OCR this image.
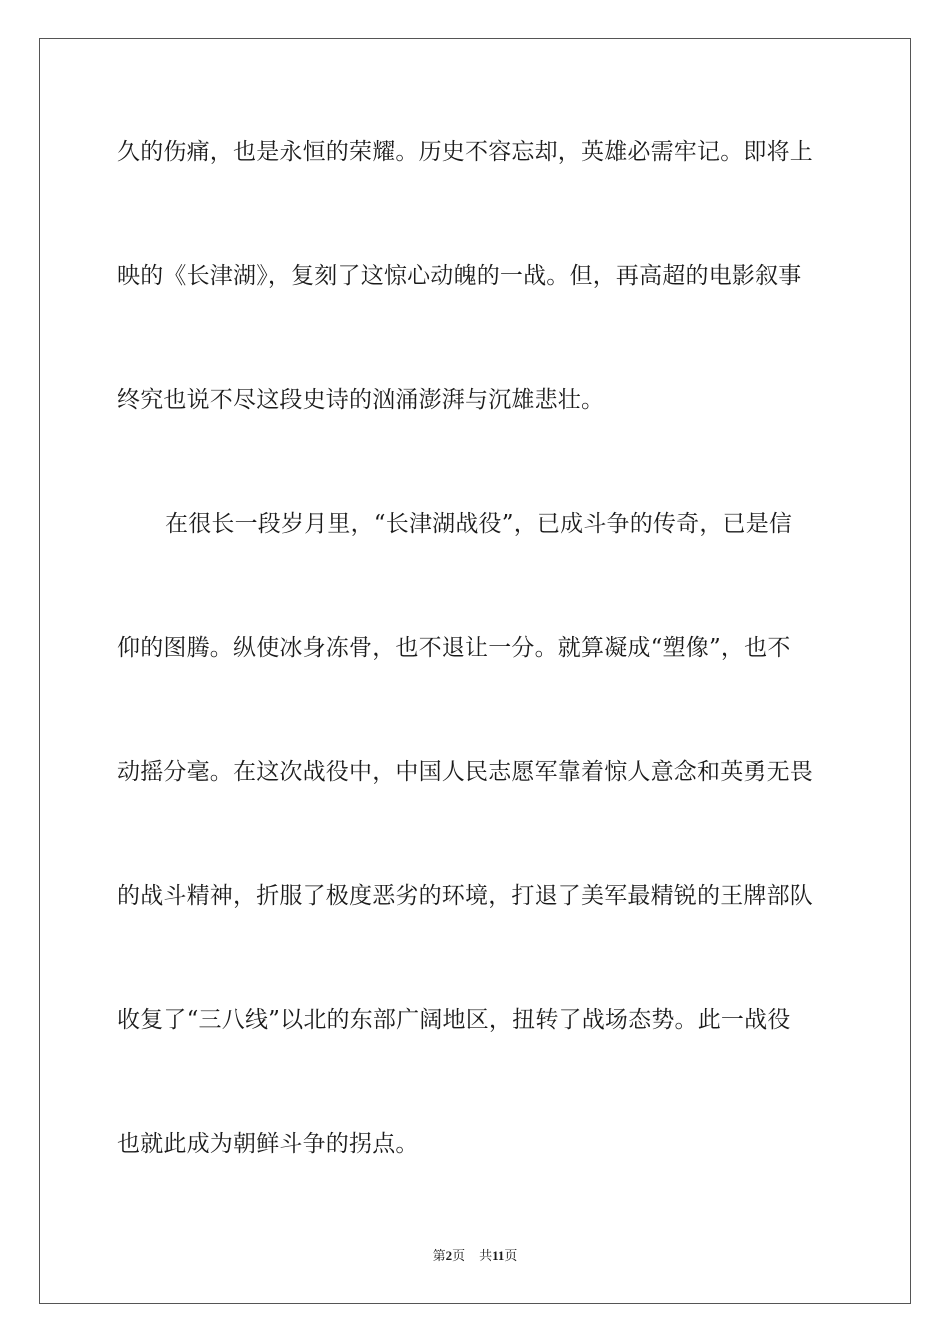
久的伤痛，也是永恒的荣耀。历史不容忘却，英雄必需牢记。即将上
映的《长津湖》，复刻了这惊心动魄的一战。但，再高超的电影叙事
终究也说不尽这段史诗的汹涌澎湃与沉雄悲壮。
在很长一段岁月里，“长津湖战役”，已成斗争的传奇，已是信
仰的图腾。纵使冰身冻骨，也不退让一分。就算凝成“塑像”，也不
动摇分毫。在这次战役中，中国人民志愿军靠着惊人意念和英勇无畏
的战斗精神，折服了极度恶劣的环境，打退了美军最精锐的王牌部队
收复了“三八线”以北的东部广阔地区，扭转了战场态势。此一战役
也就此成为朝鲜斗争的拐点。
第2页 共11页
